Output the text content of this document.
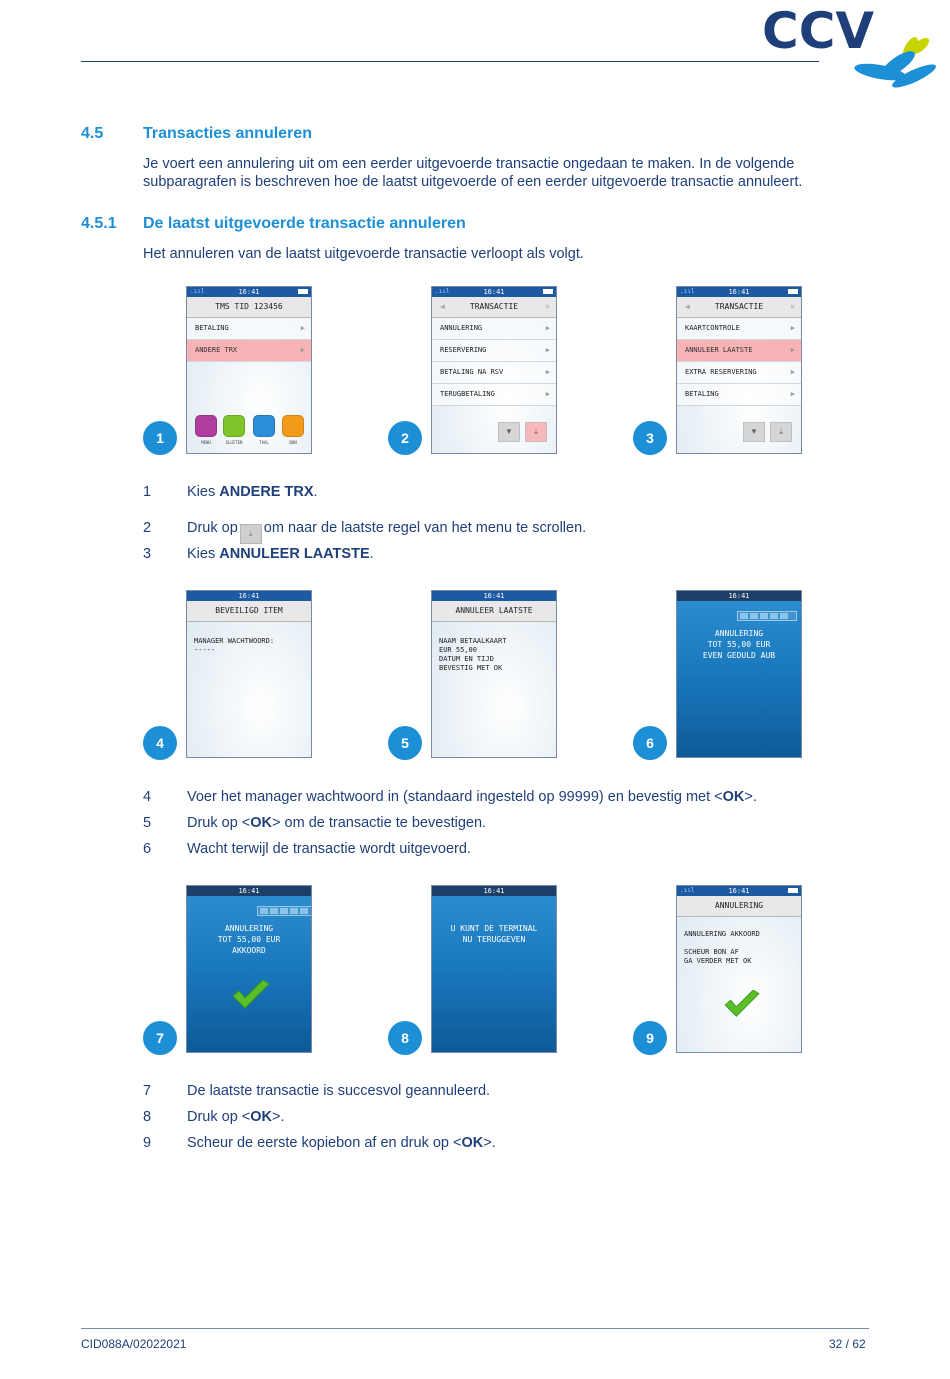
CCV
4.5 Transacties annuleren
Je voert een annulering uit om een eerder uitgevoerde transactie ongedaan te maken. In de volgende subparagrafen is beschreven hoe de laatst uitgevoerde of een eerder uitgevoerde transactie annuleert.
4.5.1 De laatst uitgevoerde transactie annuleren
Het annuleren van de laatst uitgevoerde transactie verloopt als volgt.
.ııl	16:41
TMS TID 123456
BETALING	▶
ANDERE TRX	▶
MENU	SLUITEN	TAAL	BON
1
.ııl	16:41
◀	TRANSACTIE	✕
ANNULERING	▶
RESERVERING	▶
BETALING NA RSV	▶
TERUGBETALING	▶
▼	⤓
2
.ııl	16:41
◀	TRANSACTIE	✕
KAARTCONTROLE	▶
ANNULEER LAATSTE	▶
EXTRA RESERVERING	▶
BETALING	▶
▼	⤓
3
1	Kies ANDERE TRX.
2	Druk op ⤓ om naar de laatste regel van het menu te scrollen.
3	Kies ANNULEER LAATSTE.
16:41
BEVEILIGD ITEM
MANAGER WACHTWOORD:
-----
4
16:41
ANNULEER LAATSTE
NAAM BETAALKAART
EUR 55,00
DATUM EN TIJD
BEVESTIG MET OK
5
16:41
ANNULERING
TOT 55,00 EUR
EVEN GEDULD AUB
6
4	Voer het manager wachtwoord in (standaard ingesteld op 99999) en bevestig met <OK>.
5	Druk op <OK> om de transactie te bevestigen.
6	Wacht terwijl de transactie wordt uitgevoerd.
16:41
ANNULERING
TOT 55,00 EUR
AKKOORD
7
16:41
U KUNT DE TERMINAL
NU TERUGGEVEN
8
.ııl	16:41
ANNULERING
ANNULERING AKKOORD

SCHEUR BON AF
GA VERDER MET OK
9
7	De laatste transactie is succesvol geannuleerd.
8	Druk op <OK>.
9	Scheur de eerste kopiebon af en druk op <OK>.
CID088A/02022021	32 / 62
